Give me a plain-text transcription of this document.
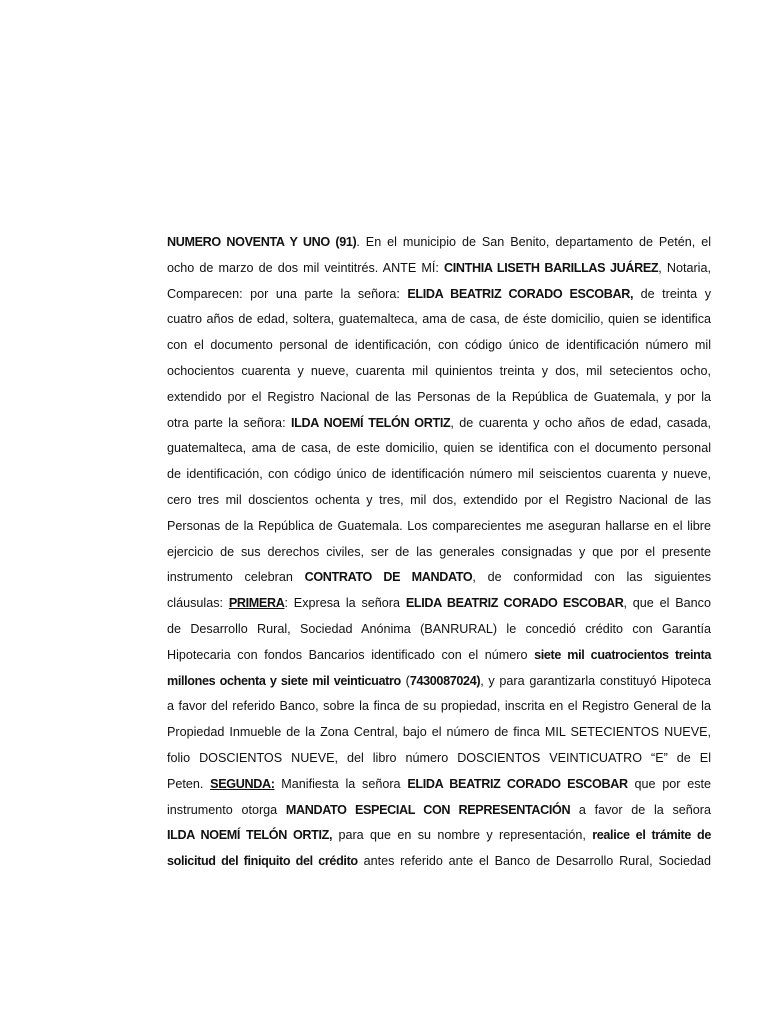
NUMERO NOVENTA Y UNO (91). En el municipio de San Benito, departamento de Petén, el
ocho de marzo de dos mil veintitrés. ANTE MÍ: CINTHIA LISETH BARILLAS JUÁREZ, Notaria,
Comparecen: por una parte la señora: ELIDA BEATRIZ CORADO ESCOBAR, de treinta y
cuatro años de edad, soltera, guatemalteca, ama de casa, de éste domicilio, quien se identifica
con el documento personal de identificación, con código único de identificación número mil
ochocientos cuarenta y nueve, cuarenta mil quinientos treinta y dos, mil setecientos ocho,
extendido por el Registro Nacional de las Personas de la República de Guatemala, y por la
otra parte la señora: ILDA NOEMÍ TELÓN ORTIZ, de cuarenta y ocho años de edad, casada,
guatemalteca, ama de casa, de este domicilio, quien se identifica con el documento personal
de identificación, con código único de identificación número mil seiscientos cuarenta y nueve,
cero tres mil doscientos ochenta y tres, mil dos, extendido por el Registro Nacional de las
Personas de la República de Guatemala. Los comparecientes me aseguran hallarse en el libre
ejercicio de sus derechos civiles, ser de las generales consignadas y que por el presente
instrumento celebran CONTRATO DE MANDATO, de conformidad con las siguientes
cláusulas: PRIMERA: Expresa la señora ELIDA BEATRIZ CORADO ESCOBAR, que el Banco
de Desarrollo Rural, Sociedad Anónima (BANRURAL) le concedió crédito con Garantía
Hipotecaria con fondos Bancarios identificado con el número siete mil cuatrocientos treinta
millones ochenta y siete mil veinticuatro (7430087024), y para garantizarla constituyó Hipoteca
a favor del referido Banco, sobre la finca de su propiedad, inscrita en el Registro General de la
Propiedad Inmueble de la Zona Central, bajo el número de finca MIL SETECIENTOS NUEVE,
folio DOSCIENTOS NUEVE, del libro número DOSCIENTOS VEINTICUATRO “E” de El
Peten. SEGUNDA: Manifiesta la señora ELIDA BEATRIZ CORADO ESCOBAR que por este
instrumento otorga MANDATO ESPECIAL CON REPRESENTACIÓN a favor de la señora
ILDA NOEMÍ TELÓN ORTIZ, para que en su nombre y representación, realice el trámite de
solicitud del finiquito del crédito antes referido ante el Banco de Desarrollo Rural, Sociedad
